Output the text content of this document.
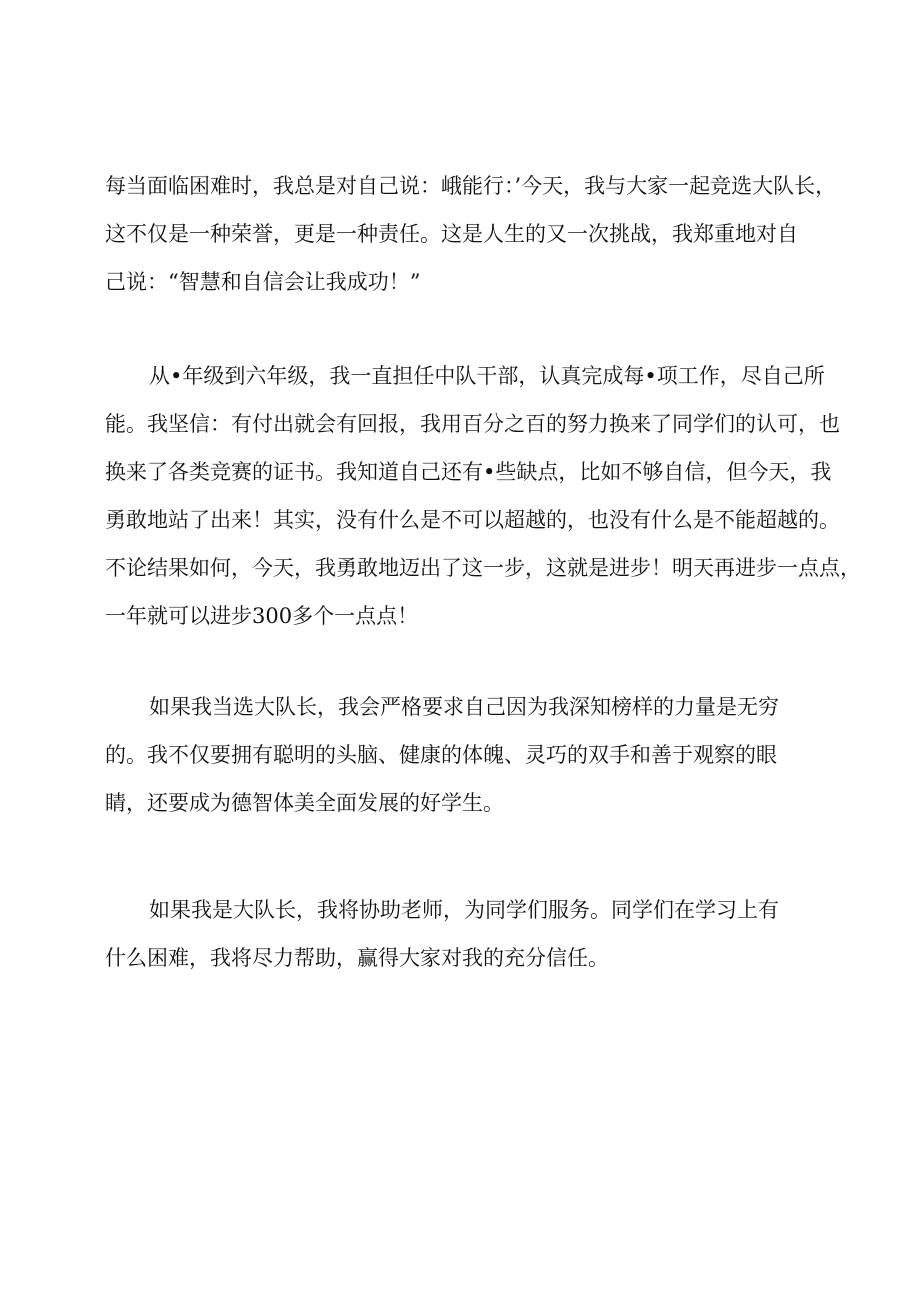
每当面临困难时，我总是对自己说：峨能行：’今天，我与大家一起竞选大队长，
这不仅是一种荣誉，更是一种责任。这是人生的又一次挑战，我郑重地对自
己说：“智慧和自信会让我成功！”

从•年级到六年级，我一直担任中队干部，认真完成每•项工作，尽自己所
能。我坚信：有付出就会有回报，我用百分之百的努力换来了同学们的认可，也
换来了各类竞赛的证书。我知道自己还有•些缺点，比如不够自信，但今天，我
勇敢地站了出来！其实，没有什么是不可以超越的，也没有什么是不能超越的。
不论结果如何，今天，我勇敢地迈出了这一步，这就是进步！明天再进步一点点，
一年就可以进步300多个一点点！

如果我当选大队长，我会严格要求自己因为我深知榜样的力量是无穷
的。我不仅要拥有聪明的头脑、健康的体魄、灵巧的双手和善于观察的眼
睛，还要成为德智体美全面发展的好学生。

如果我是大队长，我将协助老师，为同学们服务。同学们在学习上有
什么困难，我将尽力帮助，赢得大家对我的充分信任。
